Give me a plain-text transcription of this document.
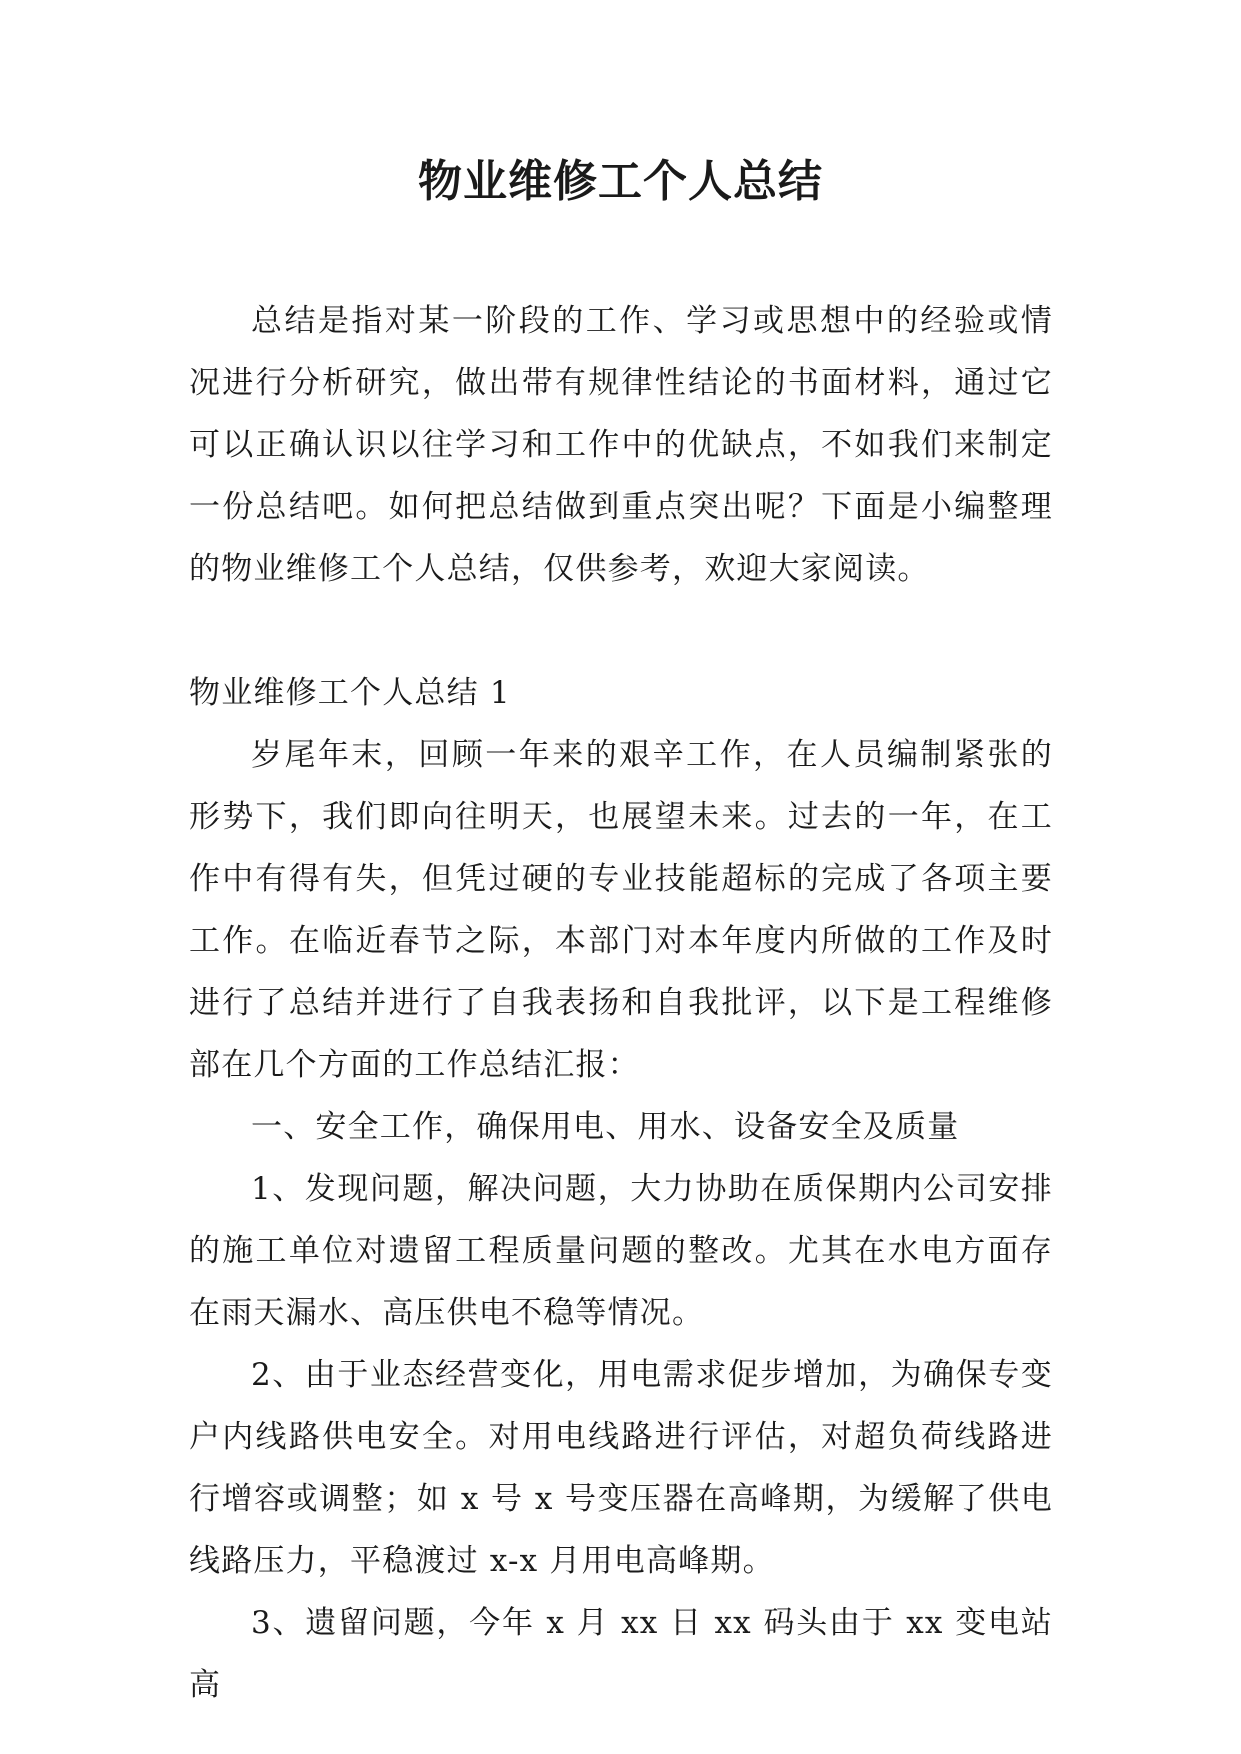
物业维修工个人总结

总结是指对某一阶段的工作、学习或思想中的经验或情况进行分析研究，做出带有规律性结论的书面材料，通过它可以正确认识以往学习和工作中的优缺点，不如我们来制定一份总结吧。如何把总结做到重点突出呢？下面是小编整理的物业维修工个人总结，仅供参考，欢迎大家阅读。

物业维修工个人总结 1

岁尾年末，回顾一年来的艰辛工作，在人员编制紧张的形势下，我们即向往明天，也展望未来。过去的一年，在工作中有得有失，但凭过硬的专业技能超标的完成了各项主要工作。在临近春节之际，本部门对本年度内所做的工作及时进行了总结并进行了自我表扬和自我批评，以下是工程维修部在几个方面的工作总结汇报：

一、安全工作，确保用电、用水、设备安全及质量

1、发现问题，解决问题，大力协助在质保期内公司安排的施工单位对遗留工程质量问题的整改。尤其在水电方面存在雨天漏水、高压供电不稳等情况。

2、由于业态经营变化，用电需求促步增加，为确保专变户内线路供电安全。对用电线路进行评估，对超负荷线路进行增容或调整；如 x 号 x 号变压器在高峰期，为缓解了供电线路压力，平稳渡过 x-x 月用电高峰期。

3、遗留问题，今年 x 月 xx 日 xx 码头由于 xx 变电站高
